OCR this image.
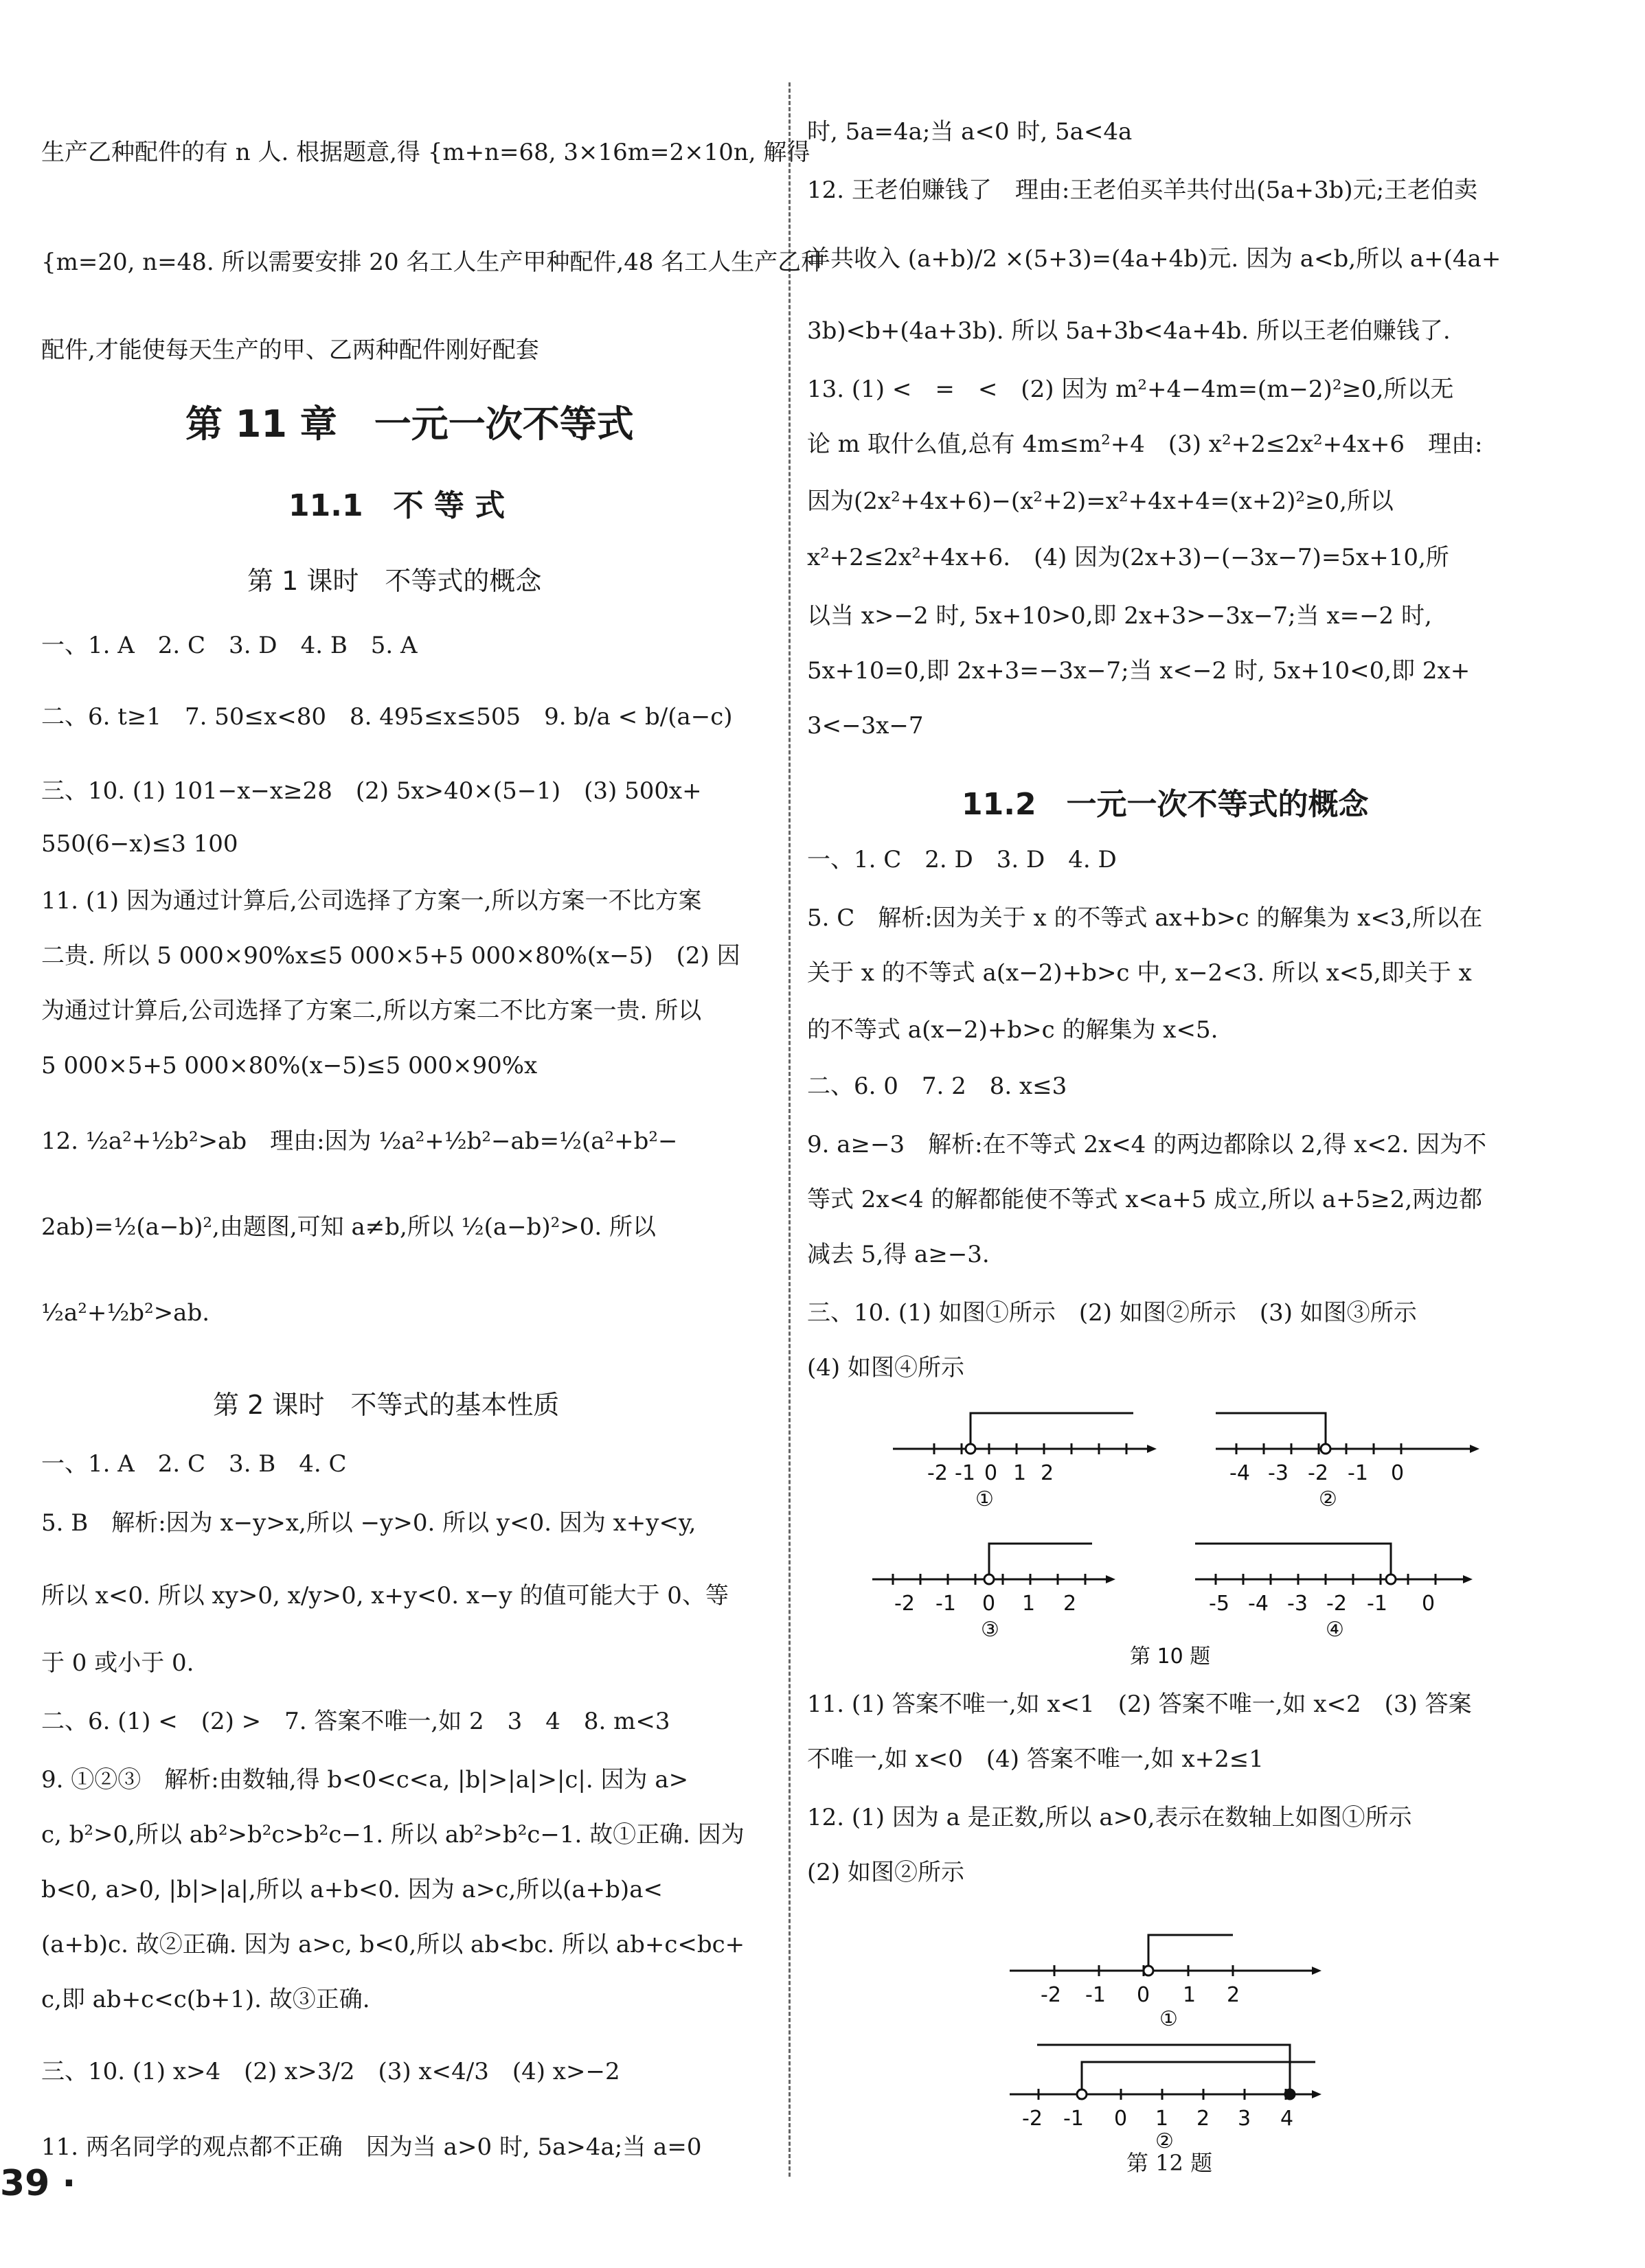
生产乙种配件的有 n 人. 根据题意,得 {m+n=68, 3×16m=2×10n, 解得
{m=20, n=48. 所以需要安排 20 名工人生产甲种配件,48 名工人生产乙种
配件,才能使每天生产的甲、乙两种配件刚好配套
第 11 章　一元一次不等式
11.1　不 等 式
第 1 课时　不等式的概念
一、1. A　2. C　3. D　4. B　5. A
二、6. t≥1　7. 50≤x<80　8. 495≤x≤505　9. b/a < b/(a−c)
三、10. (1) 101−x−x≥28　(2) 5x>40×(5−1)　(3) 500x+
550(6−x)≤3 100
11. (1) 因为通过计算后,公司选择了方案一,所以方案一不比方案
二贵. 所以 5 000×90%x≤5 000×5+5 000×80%(x−5)　(2) 因
为通过计算后,公司选择了方案二,所以方案二不比方案一贵. 所以
5 000×5+5 000×80%(x−5)≤5 000×90%x
12. ½a²+½b²>ab　理由:因为 ½a²+½b²−ab=½(a²+b²−
2ab)=½(a−b)²,由题图,可知 a≠b,所以 ½(a−b)²>0. 所以
½a²+½b²>ab.
第 2 课时　不等式的基本性质
一、1. A　2. C　3. B　4. C
5. B　解析:因为 x−y>x,所以 −y>0. 所以 y<0. 因为 x+y<y,
所以 x<0. 所以 xy>0, x/y>0, x+y<0. x−y 的值可能大于 0、等
于 0 或小于 0.
二、6. (1) <　(2) >　7. 答案不唯一,如 2　3　4　8. m<3
9. ①②③　解析:由数轴,得 b<0<c<a, |b|>|a|>|c|. 因为 a>
c, b²>0,所以 ab²>b²c>b²c−1. 所以 ab²>b²c−1. 故①正确. 因为
b<0, a>0, |b|>|a|,所以 a+b<0. 因为 a>c,所以(a+b)a<
(a+b)c. 故②正确. 因为 a>c, b<0,所以 ab<bc. 所以 ab+c<bc+
c,即 ab+c<c(b+1). 故③正确.
三、10. (1) x>4　(2) x>3/2　(3) x<4/3　(4) x>−2
11. 两名同学的观点都不正确　因为当 a>0 时, 5a>4a;当 a=0
39 ·
时, 5a=4a;当 a<0 时, 5a<4a
12. 王老伯赚钱了　理由:王老伯买羊共付出(5a+3b)元;王老伯卖
羊共收入 (a+b)/2 ×(5+3)=(4a+4b)元. 因为 a<b,所以 a+(4a+
3b)<b+(4a+3b). 所以 5a+3b<4a+4b. 所以王老伯赚钱了.
13. (1) <　=　<　(2) 因为 m²+4−4m=(m−2)²≥0,所以无
论 m 取什么值,总有 4m≤m²+4　(3) x²+2≤2x²+4x+6　理由:
因为(2x²+4x+6)−(x²+2)=x²+4x+4=(x+2)²≥0,所以
x²+2≤2x²+4x+6.　(4) 因为(2x+3)−(−3x−7)=5x+10,所
以当 x>−2 时, 5x+10>0,即 2x+3>−3x−7;当 x=−2 时,
5x+10=0,即 2x+3=−3x−7;当 x<−2 时, 5x+10<0,即 2x+
3<−3x−7
11.2　一元一次不等式的概念
一、1. C　2. D　3. D　4. D
5. C　解析:因为关于 x 的不等式 ax+b>c 的解集为 x<3,所以在
关于 x 的不等式 a(x−2)+b>c 中, x−2<3. 所以 x<5,即关于 x
的不等式 a(x−2)+b>c 的解集为 x<5.
二、6. 0　7. 2　8. x≤3
9. a≥−3　解析:在不等式 2x<4 的两边都除以 2,得 x<2. 因为不
等式 2x<4 的解都能使不等式 x<a+5 成立,所以 a+5≥2,两边都
减去 5,得 a≥−3.
三、10. (1) 如图①所示　(2) 如图②所示　(3) 如图③所示
(4) 如图④所示
-2 -1 0 1 2
①
-4 -3 -2 -1 0
②
-2 -1 0 1 2
③
-5 -4 -3 -2 -1 0
④
第 10 题
11. (1) 答案不唯一,如 x<1　(2) 答案不唯一,如 x<2　(3) 答案
不唯一,如 x<0　(4) 答案不唯一,如 x+2≤1
12. (1) 因为 a 是正数,所以 a>0,表示在数轴上如图①所示
(2) 如图②所示
-2 -1 0 1 2
①
-2 -1 0 1 2 3 4
②
第 12 题
